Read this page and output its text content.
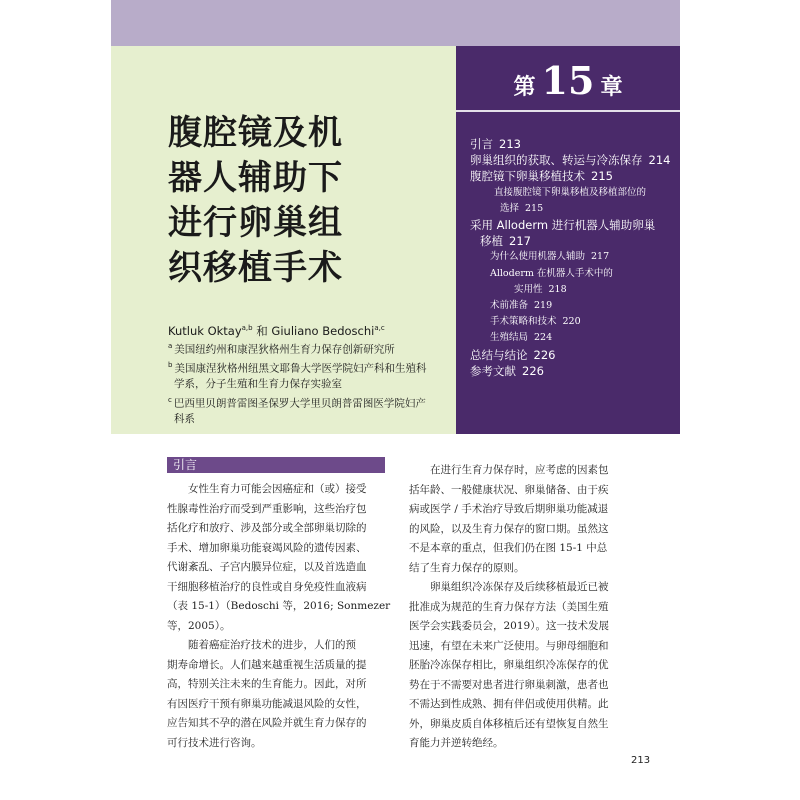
第 15 章
引言 213
卵巢组织的获取、转运与冷冻保存 214
腹腔镜下卵巢移植技术 215
直接腹腔镜下卵巢移植及移植部位的
选择 215
采用 Alloderm 进行机器人辅助卵巢
移植 217
为什么使用机器人辅助 217
Alloderm 在机器人手术中的
实用性 218
术前准备 219
手术策略和技术 220
生殖结局 224
总结与结论 226
参考文献 226
腹腔镜及机
器人辅助下
进行卵巢组
织移植手术
Kutluk Oktay$^{a,b}$ 和 Giuliano Bedoschi$^{a,c}$
$^a$ 美国纽约州和康涅狄格州生育力保存创新研究所
$^b$ 美国康涅狄格州纽黑文耶鲁大学医学院妇产科和生殖科
学系，分子生殖和生育力保存实验室
$^c$ 巴西里贝朗普雷图圣保罗大学里贝朗普雷图医学院妇产
科系
引言

女性生育力可能会因癌症和（或）接受
性腺毒性治疗而受到严重影响，这些治疗包
括化疗和放疗、涉及部分或全部卵巢切除的
手术、增加卵巢功能衰竭风险的遗传因素、
代谢紊乱、子宫内膜异位症，以及首选造血
干细胞移植治疗的良性或自身免疫性血液病
（表 15-1）（Bedoschi 等，2016; Sonmezer
等，2005）。

随着癌症治疗技术的进步，人们的预
期寿命增长。人们越来越重视生活质量的提
高，特别关注未来的生育能力。因此，对所
有因医疗干预有卵巢功能减退风险的女性，
应告知其不孕的潜在风险并就生育力保存的
可行技术进行咨询。

在进行生育力保存时，应考虑的因素包
括年龄、一般健康状况、卵巢储备、由于疾
病或医学 / 手术治疗导致后期卵巢功能减退
的风险，以及生育力保存的窗口期。虽然这
不是本章的重点，但我们仍在图 15-1 中总
结了生育力保存的原则。

卵巢组织冷冻保存及后续移植最近已被
批准成为规范的生育力保存方法（美国生殖
医学会实践委员会，2019）。这一技术发展
迅速，有望在未来广泛使用。与卵母细胞和
胚胎冷冻保存相比，卵巢组织冷冻保存的优
势在于不需要对患者进行卵巢刺激，患者也
不需达到性成熟、拥有伴侣或使用供精。此
外，卵巢皮质自体移植后还有望恢复自然生
育能力并逆转绝经。

213
